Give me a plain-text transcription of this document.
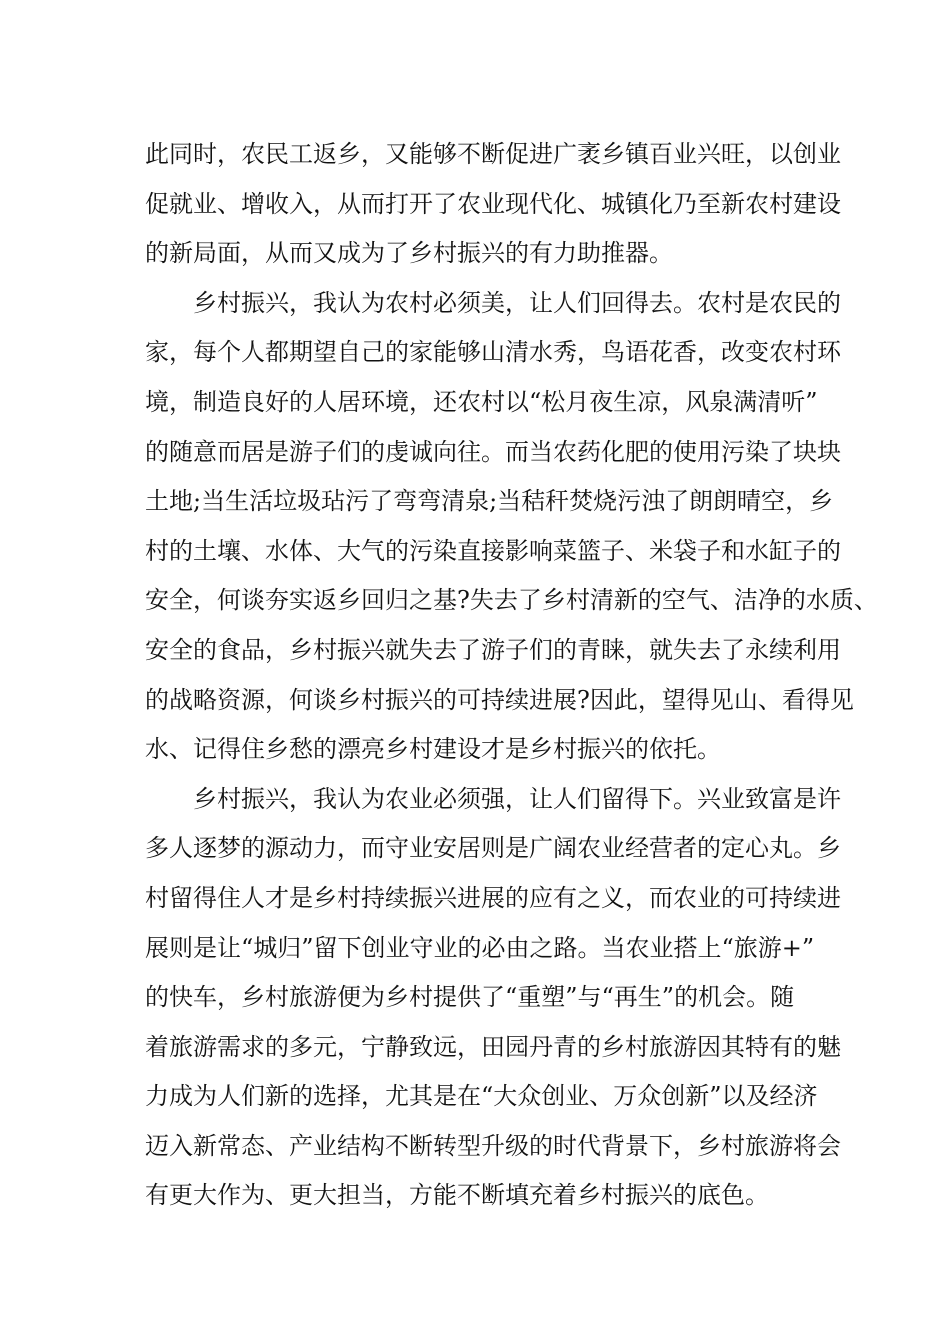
此同时，农民工返乡，又能够不断促进广袤乡镇百业兴旺，以创业
促就业、增收入，从而打开了农业现代化、城镇化乃至新农村建设
的新局面，从而又成为了乡村振兴的有力助推器。
乡村振兴，我认为农村必须美，让人们回得去。农村是农民的
家，每个人都期望自己的家能够山清水秀，鸟语花香，改变农村环
境，制造良好的人居环境，还农村以“松月夜生凉，风泉满清听”
的随意而居是游子们的虔诚向往。而当农药化肥的使用污染了块块
土地;当生活垃圾玷污了弯弯清泉;当秸秆焚烧污浊了朗朗晴空，乡
村的土壤、水体、大气的污染直接影响菜篮子、米袋子和水缸子的
安全，何谈夯实返乡回归之基?失去了乡村清新的空气、洁净的水质、
安全的食品，乡村振兴就失去了游子们的青睐，就失去了永续利用
的战略资源，何谈乡村振兴的可持续进展?因此，望得见山、看得见
水、记得住乡愁的漂亮乡村建设才是乡村振兴的依托。
乡村振兴，我认为农业必须强，让人们留得下。兴业致富是许
多人逐梦的源动力，而守业安居则是广阔农业经营者的定心丸。乡
村留得住人才是乡村持续振兴进展的应有之义，而农业的可持续进
展则是让“城归”留下创业守业的必由之路。当农业搭上“旅游+”
的快车，乡村旅游便为乡村提供了“重塑”与“再生”的机会。随
着旅游需求的多元，宁静致远，田园丹青的乡村旅游因其特有的魅
力成为人们新的选择，尤其是在“大众创业、万众创新”以及经济
迈入新常态、产业结构不断转型升级的时代背景下，乡村旅游将会
有更大作为、更大担当，方能不断填充着乡村振兴的底色。
